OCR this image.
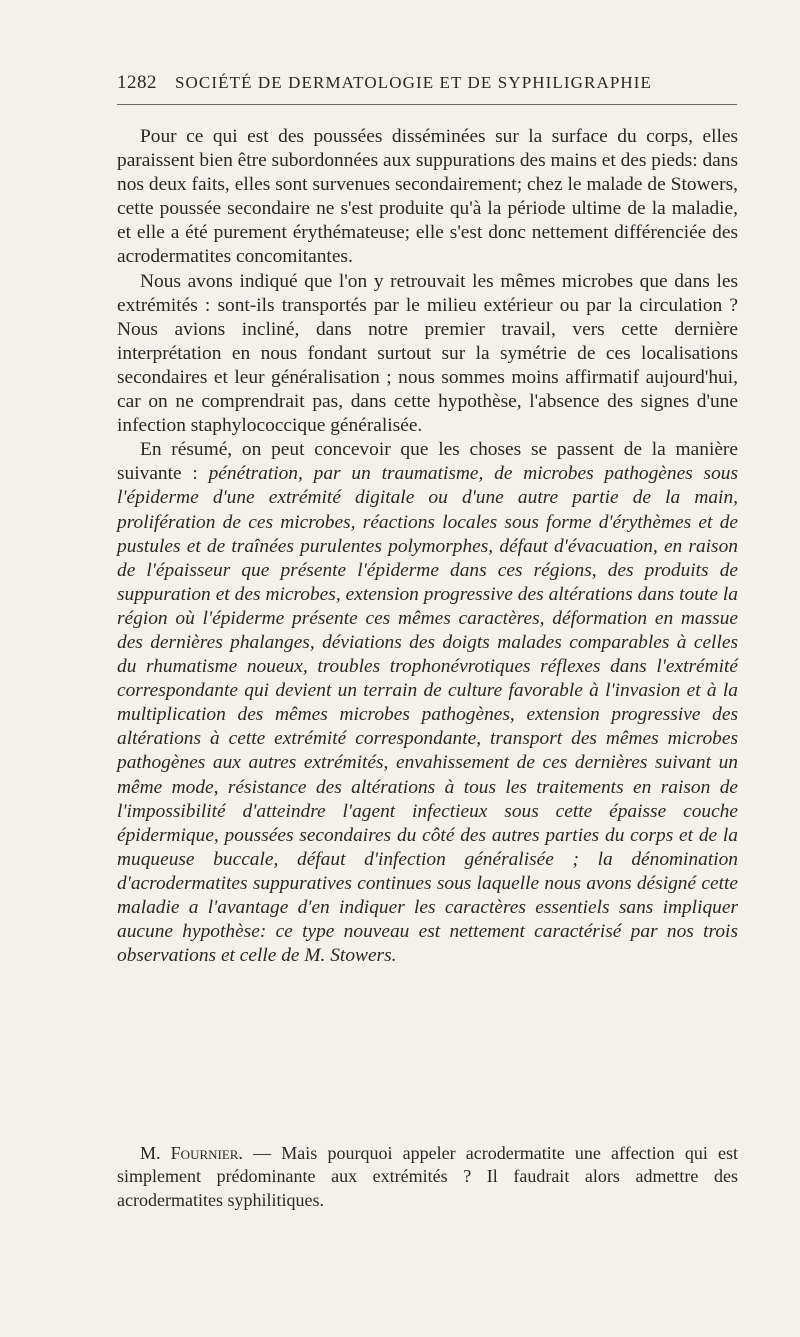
1282 SOCIÉTÉ DE DERMATOLOGIE ET DE SYPHILIGRAPHIE

Pour ce qui est des poussées disséminées sur la surface du corps, elles paraissent bien être subordonnées aux suppurations des mains et des pieds: dans nos deux faits, elles sont survenues secondairement; chez le malade de Stowers, cette poussée secondaire ne s'est produite qu'à la période ultime de la maladie, et elle a été purement érythémateuse; elle s'est donc nettement différenciée des acrodermatites concomitantes.

Nous avons indiqué que l'on y retrouvait les mêmes microbes que dans les extrémités : sont-ils transportés par le milieu extérieur ou par la circulation ? Nous avions incliné, dans notre premier travail, vers cette dernière interprétation en nous fondant surtout sur la symétrie de ces localisations secondaires et leur généralisation ; nous sommes moins affirmatif aujourd'hui, car on ne comprendrait pas, dans cette hypothèse, l'absence des signes d'une infection staphylococcique généralisée.

En résumé, on peut concevoir que les choses se passent de la manière suivante : pénétration, par un traumatisme, de microbes pathogènes sous l'épiderme d'une extrémité digitale ou d'une autre partie de la main, prolifération de ces microbes, réactions locales sous forme d'érythèmes et de pustules et de traînées purulentes polymorphes, défaut d'évacuation, en raison de l'épaisseur que présente l'épiderme dans ces régions, des produits de suppuration et des microbes, extension progressive des altérations dans toute la région où l'épiderme présente ces mêmes caractères, déformation en massue des dernières phalanges, déviations des doigts malades comparables à celles du rhumatisme noueux, troubles trophonévrotiques réflexes dans l'extrémité correspondante qui devient un terrain de culture favorable à l'invasion et à la multiplication des mêmes microbes pathogènes, extension progressive des altérations à cette extrémité correspondante, transport des mêmes microbes pathogènes aux autres extrémités, envahissement de ces dernières suivant un même mode, résistance des altérations à tous les traitements en raison de l'impossibilité d'atteindre l'agent infectieux sous cette épaisse couche épidermique, poussées secondaires du côté des autres parties du corps et de la muqueuse buccale, défaut d'infection généralisée ; la dénomination d'acrodermatites suppuratives continues sous laquelle nous avons désigné cette maladie a l'avantage d'en indiquer les caractères essentiels sans impliquer aucune hypothèse: ce type nouveau est nettement caractérisé par nos trois observations et celle de M. Stowers.

M. Fournier. — Mais pourquoi appeler acrodermatite une affection qui est simplement prédominante aux extrémités ? Il faudrait alors admettre des acrodermatites syphilitiques.
